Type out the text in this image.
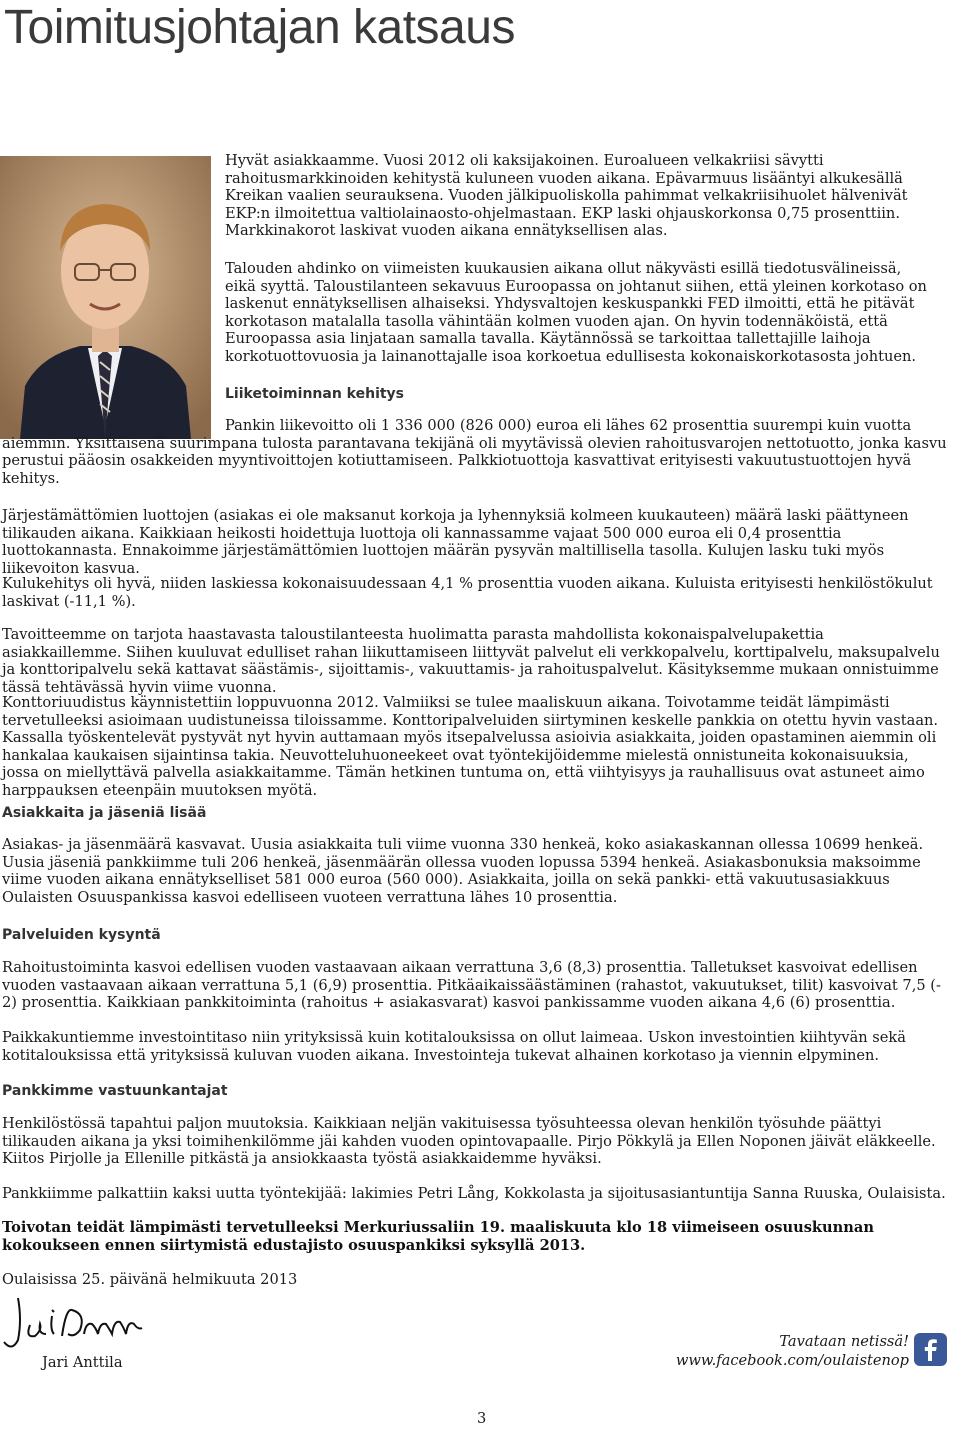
Toimitusjohtajan katsaus

Hyvät asiakkaamme. Vuosi 2012 oli kaksijakoinen. Euroalueen velkakriisi sävytti rahoitusmarkkinoiden kehitystä kuluneen vuoden aikana. Epävarmuus lisääntyi alkukesällä Kreikan vaalien seurauksena. Vuoden jälkipuoliskolla pahimmat velkakriisihuolet hälvenivät EKP:n ilmoitettua valtiolainaosto-ohjelmastaan. EKP laski ohjauskorkonsa 0,75 prosenttiin. Markkinakorot laskivat vuoden aikana ennätyksellisen alas.

Talouden ahdinko on viimeisten kuukausien aikana ollut näkyvästi esillä tiedotusvälineissä, eikä syyttä. Taloustilanteen sekavuus Euroopassa on johtanut siihen, että yleinen korkotaso on laskenut ennätyksellisen alhaiseksi. Yhdysvaltojen keskuspankki FED ilmoitti, että he pitävät korkotason matalalla tasolla vähintään kolmen vuoden ajan. On hyvin todennäköistä, että Euroopassa asia linjataan samalla tavalla. Käytännössä se tarkoittaa tallettajille laihoja korkotuottovuosia ja lainanottajalle isoa korkoetua edullisesta kokonaiskorkotasosta johtuen.

Liiketoiminnan kehitys

Pankin liikevoitto oli 1 336 000 (826 000) euroa eli lähes 62 prosenttia suurempi kuin vuotta aiemmin. Yksittäisenä suurimpana tulosta parantavana tekijänä oli myytävissä olevien rahoitusvarojen nettotuotto, jonka kasvu perustui pääosin osakkeiden myyntivoittojen kotiuttamiseen. Palkkiotuottoja kasvattivat erityisesti vakuutustuottojen hyvä kehitys.

Järjestämättömien luottojen (asiakas ei ole maksanut korkoja ja lyhennyksiä kolmeen kuukauteen) määrä laski päättyneen tilikauden aikana. Kaikkiaan heikosti hoidettuja luottoja oli kannassamme vajaat 500 000 euroa eli 0,4 prosenttia luottokannasta. Ennakoimme järjestämättömien luottojen määrän pysyvän maltillisella tasolla. Kulujen lasku tuki myös liikevoiton kasvua.

Kulukehitys oli hyvä, niiden laskiessa kokonaisuudessaan 4,1 % prosenttia vuoden aikana. Kuluista erityisesti henkilöstökulut laskivat (-11,1 %).

Tavoitteemme on tarjota haastavasta taloustilanteesta huolimatta parasta mahdollista kokonaispalvelupakettia asiakkaillemme. Siihen kuuluvat edulliset rahan liikuttamiseen liittyvät palvelut eli verkkopalvelu, korttipalvelu, maksupalvelu ja konttoripalvelu sekä kattavat säästämis-, sijoittamis-, vakuuttamis- ja rahoituspalvelut. Käsityksemme mukaan onnistuimme tässä tehtävässä hyvin viime vuonna.

Konttoriuudistus käynnistettiin loppuvuonna 2012. Valmiiksi se tulee maaliskuun aikana. Toivotamme teidät lämpimästi tervetulleeksi asioimaan uudistuneissa tiloissamme. Konttoripalveluiden siirtyminen keskelle pankkia on otettu hyvin vastaan. Kassalla työskentelevät pystyvät nyt hyvin auttamaan myös itsepalvelussa asioivia asiakkaita, joiden opastaminen aiemmin oli hankalaa kaukaisen sijaintinsa takia. Neuvotteluhuoneekeet ovat työntekijöidemme mielestä onnistuneita kokonaisuuksia, jossa on miellyttävä palvella asiakkaitamme. Tämän hetkinen tuntuma on, että viihtyisyys ja rauhallisuus ovat astuneet aimo harppauksen eteenpäin muutoksen myötä.

Asiakkaita ja jäseniä lisää

Asiakas- ja jäsenmäärä kasvavat. Uusia asiakkaita tuli viime vuonna 330 henkeä, koko asiakaskannan ollessa 10699 henkeä. Uusia jäseniä pankkiimme tuli 206 henkeä, jäsenmäärän ollessa vuoden lopussa 5394 henkeä. Asiakasbonuksia maksoimme viime vuoden aikana ennätykselliset 581 000 euroa (560 000). Asiakkaita, joilla on sekä pankki- että vakuutusasiakkuus Oulaisten Osuuspankissa kasvoi edelliseen vuoteen verrattuna lähes 10 prosenttia.

Palveluiden kysyntä

Rahoitustoiminta kasvoi edellisen vuoden vastaavaan aikaan verrattuna 3,6 (8,3) prosenttia. Talletukset kasvoivat edellisen vuoden vastaavaan aikaan verrattuna 5,1 (6,9) prosenttia. Pitkäaikaissäästäminen (rahastot, vakuutukset, tilit) kasvoivat 7,5 (- 2) prosenttia. Kaikkiaan pankkitoiminta (rahoitus + asiakasvarat) kasvoi pankissamme vuoden aikana 4,6 (6) prosenttia.

Paikkakuntiemme investointitaso niin yrityksissä kuin kotitalouksissa on ollut laimeaa. Uskon investointien kiihtyvän sekä kotitalouksissa että yrityksissä kuluvan vuoden aikana. Investointeja tukevat alhainen korkotaso ja viennin elpyminen.

Pankkimme vastuunkantajat

Henkilöstössä tapahtui paljon muutoksia. Kaikkiaan neljän vakituisessa työsuhteessa olevan henkilön työsuhde päättyi tilikauden aikana ja yksi toimihenkilömme jäi kahden vuoden opintovapaalle. Pirjo Pökkylä ja Ellen Noponen jäivät eläkkeelle. Kiitos Pirjolle ja Ellenille pitkästä ja ansiokkaasta työstä asiakkaidemme hyväksi.

Pankkiimme palkattiin kaksi uutta työntekijää: lakimies Petri Lång, Kokkolasta ja sijoitusasiantuntija Sanna Ruuska, Oulaisista.

Toivotan teidät lämpimästi tervetulleeksi Merkuriussaliin 19. maaliskuuta klo 18 viimeiseen osuuskunnan kokoukseen ennen siirtymistä edustajisto osuuspankiksi syksyllä 2013.

Oulaisissa 25. päivänä helmikuuta 2013

Jari Anttila

Tavataan netissä!

www.facebook.com/oulaistenop

3
